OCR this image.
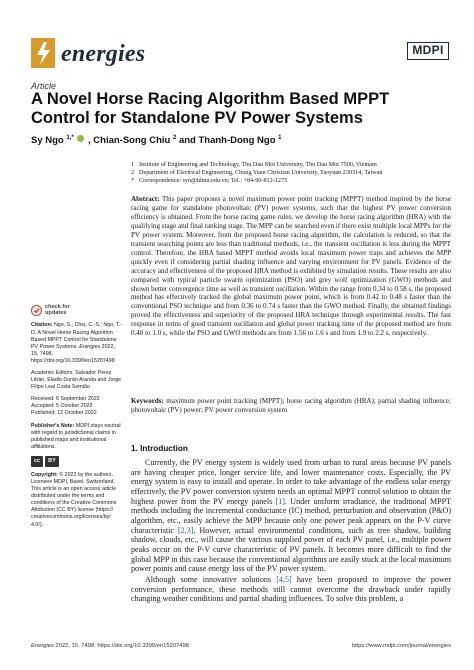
energies	MDPI
Article
A Novel Horse Racing Algorithm Based MPPT Control for Standalone PV Power Systems
Sy Ngo $^{1,*}$ , Chian-Song Chiu $^2$ and Thanh-Dong Ngo $^1$
1 Institute of Engineering and Technology, Thu Dau Mot University, Thu Dau Mot 7500, Vietnam
2 Department of Electrical Engineering, Chung Yuan Christian University, Taoyuan 230314, Taiwan
* Correspondence: syn@tdmu.edu.vn; Tel.: +84-90-812-1275
Abstract: This paper proposes a novel maximum power point tracking (MPPT) method inspired by the horse racing game for standalone photovoltaic (PV) power systems, such that the highest PV power conversion efficiency is obtained. From the horse racing game rules, we develop the horse racing algorithm (HRA) with the qualifying stage and final ranking stage. The MPP can be searched even if there exist multiple local MPPs for the PV power system. Moreover, from the proposed horse racing algorithm, the calculation is reduced, so that the transient searching points are less than traditional methods, i.e., the transient oscillation is less during the MPPT control. Therefore, the HRA based MPPT method avoids local maximum power traps and achieves the MPP quickly even if considering partial shading influence and varying environment for PV panels. Evidence of the accuracy and effectiveness of the proposed HRA method is exhibited by simulation results. These results are also compared with typical particle swarm optimization (PSO) and grey wolf optimization (GWO) methods and shown better convergence time as well as transient oscillation. Within the range from 0.34 to 0.58 s, the proposed method has effectively tracked the global maximum power point, which is from 0.42 to 0.48 s faster than the conventional PSO technique and from 0.36 to 0.74 s faster than the GWO method. Finally, the obtained findings proved the effectiveness and superiority of the proposed HRA technique through experimental results. The fast response in terms of good transient oscillation and global power tracking time of the proposed method are from 0.40 to 1.0 s, while the PSO and GWO methods are from 1.56 to 1.6 s and from 1.9 to 2.2 s, respectively.
Keywords: maximum power point tracking (MPPT); horse racing algorithm (HRA); partial shading influence; photovoltaic (PV) power; PV power conversion system
check for
updates
Citation: Ngo, S.; Chiu, C.-S.; Ngo, T.-D. A Novel Horse Racing Algorithm Based MPPT Control for Standalone PV Power Systems. Energies 2022, 15, 7498. https://doi.org/10.3390/en15207498
Academic Editors: Salvador Pérez Litrán, Eladio Durán Aranda and Jorge Filipe Leal Costa Semião
Received: 6 September 2022
Accepted: 5 October 2022
Published: 12 October 2022
Publisher's Note: MDPI stays neutral with regard to jurisdictional claims in published maps and institutional affiliations.
cc	BY
Copyright: © 2022 by the authors. Licensee MDPI, Basel, Switzerland. This article is an open access article distributed under the terms and conditions of the Creative Commons Attribution (CC BY) license (https:// creativecommons.org/licenses/by/ 4.0/).
1. Introduction

Currently, the PV energy system is widely used from urban to rural areas because PV panels are having cheaper price, longer service life, and lower maintenance costs. Especially, the PV energy system is easy to install and operate. In order to take advantage of the endless solar energy effectively, the PV power conversion system needs an optimal MPPT control solution to obtain the highest power from the PV energy panels [1]. Under uniform irradiance, the traditional MPPT methods including the incremental conductance (IC) method, perturbation and observation (P&O) algorithm, etc., easily achieve the MPP because only one power peak appears on the P-V curve characteristic [2,3]. However, actual environmental conditions, such as tree shadow, building shadow, clouds, etc., will cause the various supplied power of each PV panel, i.e., multiple power peaks occur on the P-V curve characteristic of PV panels. It becomes more difficult to find the global MPP in this case because the conventional algorithms are easily stuck at the local maximum power points and cause energy loss of the PV power system.

Although some innovative solutions [4,5] have been proposed to improve the power conversion performance, these methods still cannot overcome the drawback under rapidly changing weather conditions and partial shading influences. To solve this problem, a

Energies 2022, 15, 7498. https://doi.org/10.3390/en15207498	https://www.mdpi.com/journal/energies
